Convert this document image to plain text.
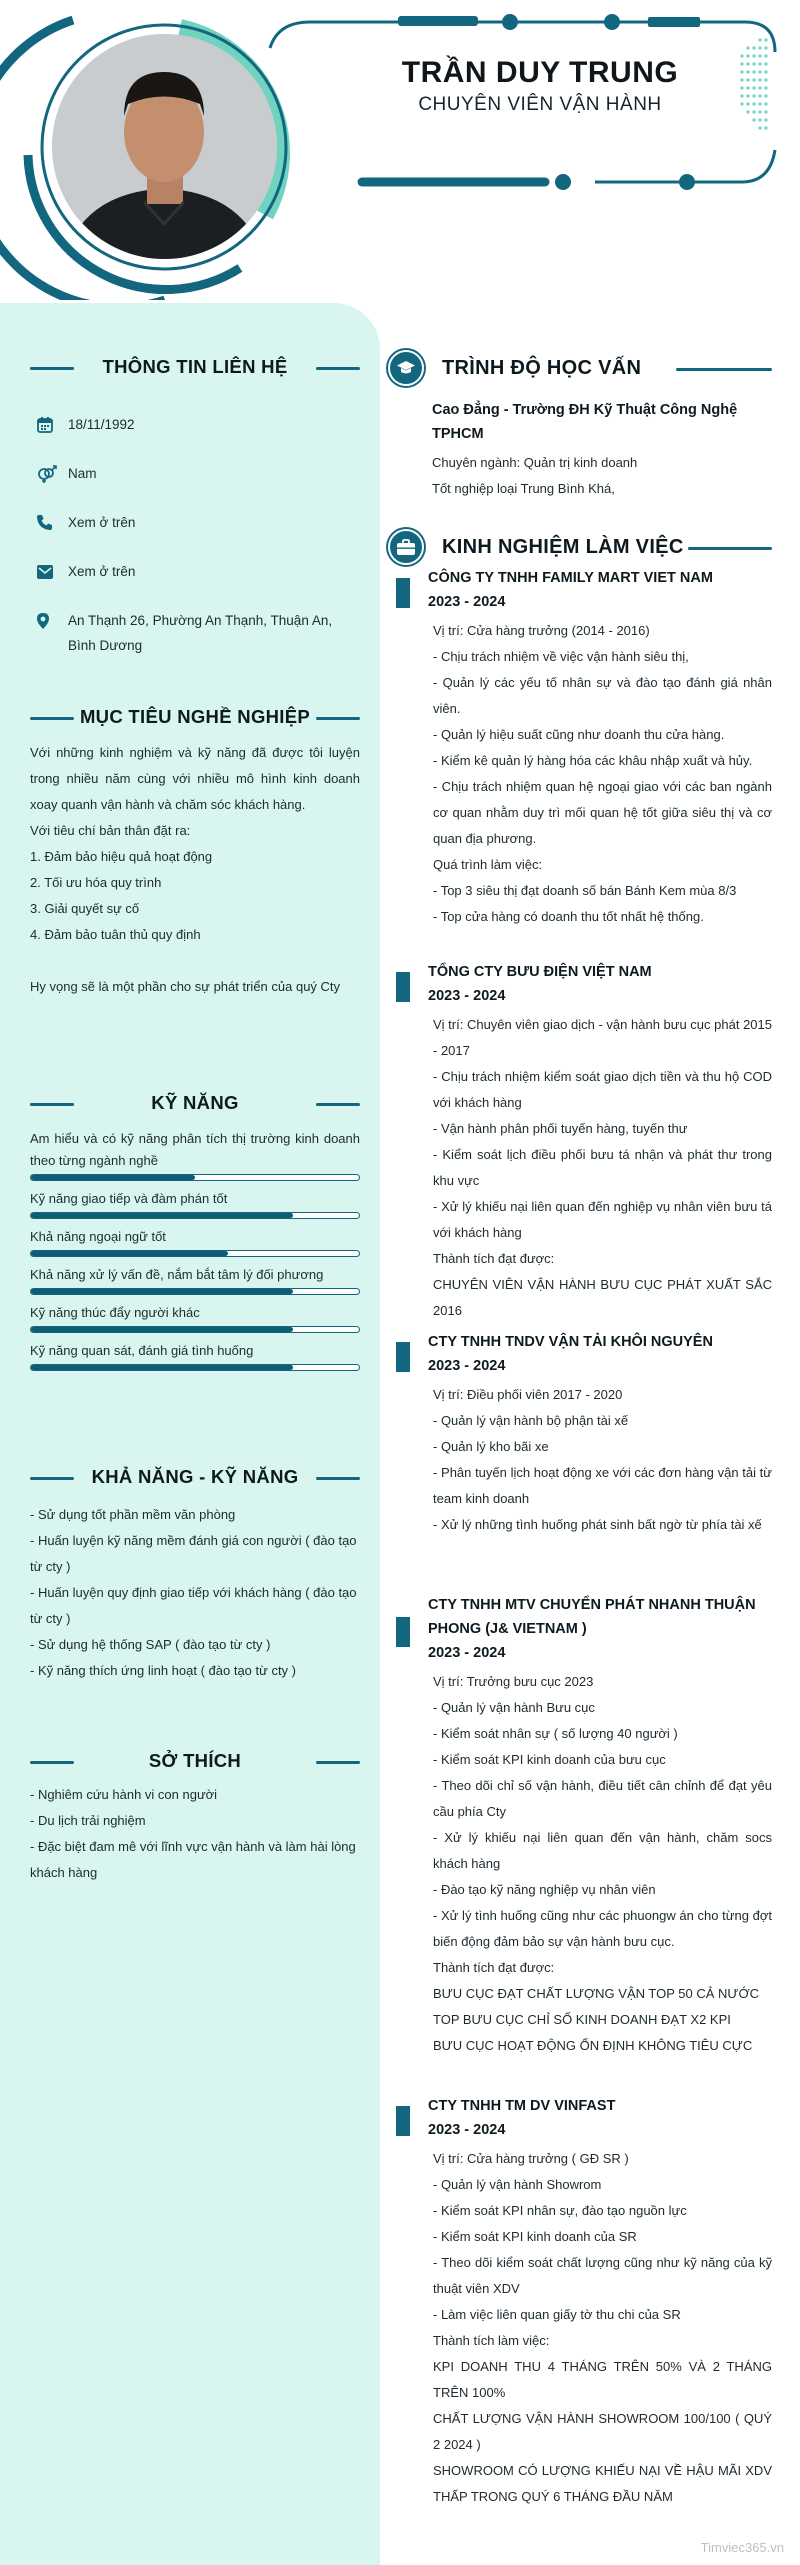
TRẦN DUY TRUNG
CHUYÊN VIÊN VẬN HÀNH
THÔNG TIN LIÊN HỆ
18/11/1992
Nam
Xem ở trên
Xem ở trên
An Thạnh 26, Phường An Thạnh, Thuận An, Bình Dương
MỤC TIÊU NGHỀ NGHIỆP
Với những kinh nghiệm và kỹ năng đã được tôi luyện trong nhiều năm cùng với nhiều mô hình kinh doanh xoay quanh vận hành và chăm sóc khách hàng.
Với tiêu chí bản thân đặt ra:
1. Đảm bảo hiệu quả hoạt động
2. Tối ưu hóa quy trình
3. Giải quyết sự cố
4. Đảm bảo tuân thủ quy định
Hy vọng sẽ là một phần cho sự phát triển của quý Cty
KỸ NĂNG
Am hiểu và có kỹ năng phân tích thị trường kinh doanh theo từng ngành nghề
Kỹ năng giao tiếp và đàm phán tốt
Khả năng ngoại ngữ tốt
Khả năng xử lý vấn đề, nắm bắt tâm lý đối phương
Kỹ năng thúc đẩy người khác
Kỹ năng quan sát, đánh giá tình huống
KHẢ NĂNG - KỸ NĂNG
- Sử dụng tốt phần mềm văn phòng
- Huấn luyện kỹ năng mềm đánh giá con người ( đào tạo từ cty )
- Huấn luyện quy định giao tiếp với khách hàng ( đào tạo từ cty )
- Sử dụng hệ thống SAP ( đào tạo từ cty )
- Kỹ năng thích ứng linh hoạt ( đào tạo từ cty )
SỞ THÍCH
- Nghiêm cứu hành vi con người
- Du lịch trải nghiệm
- Đặc biệt đam mê với lĩnh vực vận hành và làm hài lòng khách hàng
TRÌNH ĐỘ HỌC VẤN
Cao Đẳng - Trường ĐH Kỹ Thuật Công Nghệ TPHCM
Chuyên ngành: Quản trị kinh doanh
Tốt nghiệp loại Trung Bình Khá,
KINH NGHIỆM LÀM VIỆC
CÔNG TY TNHH FAMILY MART VIET NAM
2023 - 2024
Vị trí: Cửa hàng trưởng (2014 - 2016)
- Chịu trách nhiệm về việc vận hành siêu thị,
- Quản lý các yếu tố nhân sự và đào tạo đánh giá nhân viên.
- Quản lý hiệu suất cũng như doanh thu cửa hàng.
- Kiểm kê quản lý hàng hóa các khâu nhập xuất và hủy.
- Chịu trách nhiệm quan hệ ngoại giao với các ban ngành cơ quan nhằm duy trì mối quan hệ tốt giữa siêu thị và cơ quan địa phương.
Quá trình làm việc:
- Top 3 siêu thị đạt doanh số bán Bánh Kem mùa 8/3
- Top cửa hàng có doanh thu tốt nhất hệ thống.
TỔNG CTY BƯU ĐIỆN VIỆT NAM
2023 - 2024
Vị trí: Chuyên viên giao dịch - vận hành bưu cục phát 2015 - 2017
- Chịu trách nhiệm kiểm soát giao dịch tiền và thu hộ COD với khách hàng
- Vận hành phân phối tuyến hàng, tuyến thư
- Kiểm soát lịch điều phối bưu tá nhận và phát thư trong khu vực
- Xử lý khiếu nại liên quan đến nghiệp vụ nhân viên bưu tá với khách hàng
Thành tích đạt được:
CHUYÊN VIÊN VẬN HÀNH BƯU CỤC PHÁT XUẤT SẮC 2016
CTY TNHH TNDV VẬN TẢI KHÔI NGUYÊN
2023 - 2024
Vị trí: Điều phối viên 2017 - 2020
- Quản lý vận hành bộ phận tài xế
- Quản lý kho bãi xe
- Phân tuyến lịch hoạt động xe với các đơn hàng vận tải từ team kinh doanh
- Xử lý những tình huống phát sinh bất ngờ từ phía tài xế
CTY TNHH MTV CHUYỂN PHÁT NHANH THUẬN PHONG (J& VIETNAM )
2023 - 2024
Vị trí: Trưởng bưu cục 2023
- Quản lý vận hành Bưu cục
- Kiểm soát nhân sự ( số lượng 40 người )
- Kiểm soát KPI kinh doanh của bưu cục
- Theo dõi chỉ số vận hành, điều tiết cân chỉnh để đạt yêu cầu phía Cty
- Xử lý khiếu nại liên quan đến vận hành, chăm socs khách hàng
- Đào tạo kỹ năng nghiệp vụ nhân viên
- Xử lý tình huống cũng như các phuongw án cho từng đợt biến động đảm bảo sự vận hành bưu cục.
Thành tích đạt được:
BƯU CỤC ĐẠT CHẤT LƯỢNG VẬN TOP 50 CẢ NƯỚC
TOP BƯU CỤC CHỈ SỐ KINH DOANH ĐẠT X2 KPI
BƯU CỤC HOẠT ĐỘNG ỔN ĐỊNH KHÔNG TIÊU CỰC
CTY TNHH TM DV VINFAST
2023 - 2024
Vị trí: Cửa hàng trưởng ( GĐ SR )
- Quản lý vận hành Showrom
- Kiểm soát KPI nhân sự, đào tạo nguồn lực
- Kiểm soát KPI kinh doanh của SR
- Theo dõi kiểm soát chất lượng cũng như kỹ năng của kỹ thuật viên XDV
- Làm việc liên quan giấy tờ thu chi của SR
Thành tích làm việc:
KPI DOANH THU 4 THÁNG TRÊN 50% VÀ 2 THÁNG TRÊN 100%
CHẤT LƯỢNG VẬN HÀNH SHOWROOM 100/100 ( QUÝ 2 2024 )
SHOWROOM CÓ LƯỢNG KHIẾU NẠI VỀ HẬU MÃI XDV THẤP TRONG QUÝ 6 THÁNG ĐẦU NĂM
Timviec365.vn
